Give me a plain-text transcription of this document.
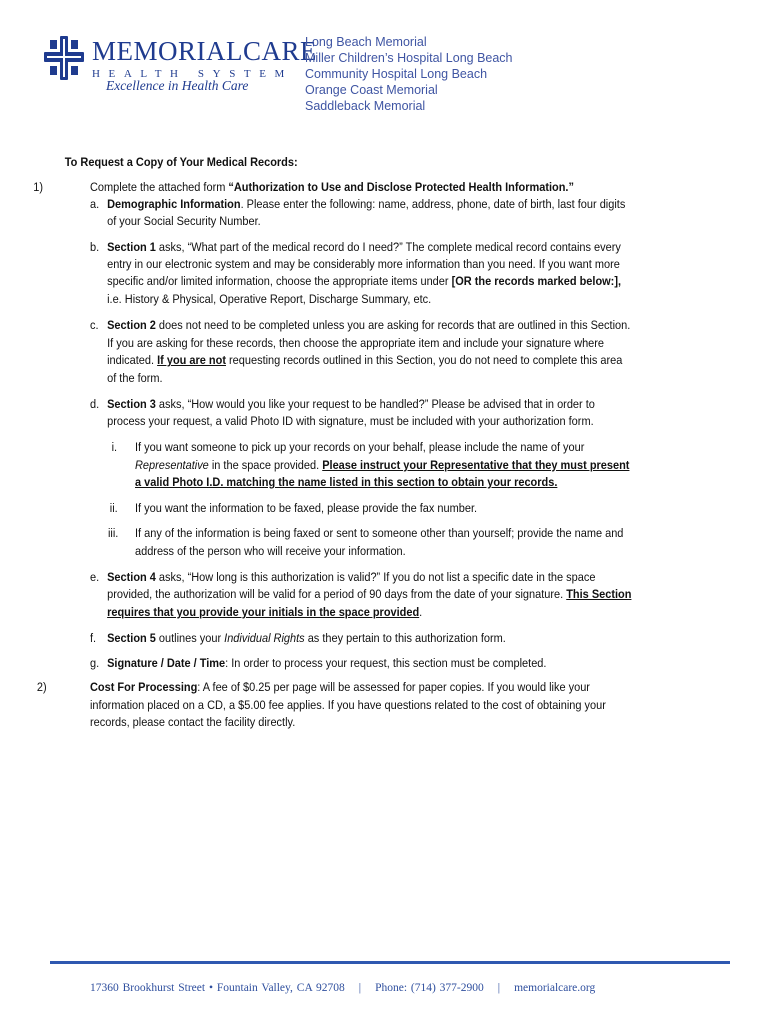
MEMORIALCARE
HEALTH SYSTEM
Excellence in Health Care
Long Beach Memorial
Miller Children’s Hospital Long Beach
Community Hospital Long Beach
Orange Coast Memorial
Saddleback Memorial
To Request a Copy of Your Medical Records:
1)	Complete the attached form “Authorization to Use and Disclose Protected Health Information.”
a. Demographic Information. Please enter the following: name, address, phone, date of birth, last four digits
of your Social Security Number.
b. Section 1 asks, “What part of the medical record do I need?” The complete medical record contains every
entry in our electronic system and may be considerably more information than you need. If you want more
specific and/or limited information, choose the appropriate items under [OR the records marked below:],
i.e. History & Physical, Operative Report, Discharge Summary, etc.
c. Section 2 does not need to be completed unless you are asking for records that are outlined in this Section.
If you are asking for these records, then choose the appropriate item and include your signature where
indicated. If you are not requesting records outlined in this Section, you do not need to complete this area
of the form.
d. Section 3 asks, “How would you like your request to be handled?” Please be advised that in order to
process your request, a valid Photo ID with signature, must be included with your authorization form.
i. If you want someone to pick up your records on your behalf, please include the name of your
Representative in the space provided. Please instruct your Representative that they must present
a valid Photo I.D. matching the name listed in this section to obtain your records.
ii. If you want the information to be faxed, please provide the fax number.
iii. If any of the information is being faxed or sent to someone other than yourself; provide the name and
address of the person who will receive your information.
e. Section 4 asks, “How long is this authorization is valid?” If you do not list a specific date in the space
provided, the authorization will be valid for a period of 90 days from the date of your signature. This Section
requires that you provide your initials in the space provided.
f. Section 5 outlines your Individual Rights as they pertain to this authorization form.
g. Signature / Date / Time: In order to process your request, this section must be completed.
2)	Cost For Processing: A fee of $0.25 per page will be assessed for paper copies. If you would like your
information placed on a CD, a $5.00 fee applies. If you have questions related to the cost of obtaining your
records, please contact the facility directly.
17360 Brookhurst Street • Fountain Valley, CA 92708 | Phone: (714) 377-2900 | memorialcare.org
